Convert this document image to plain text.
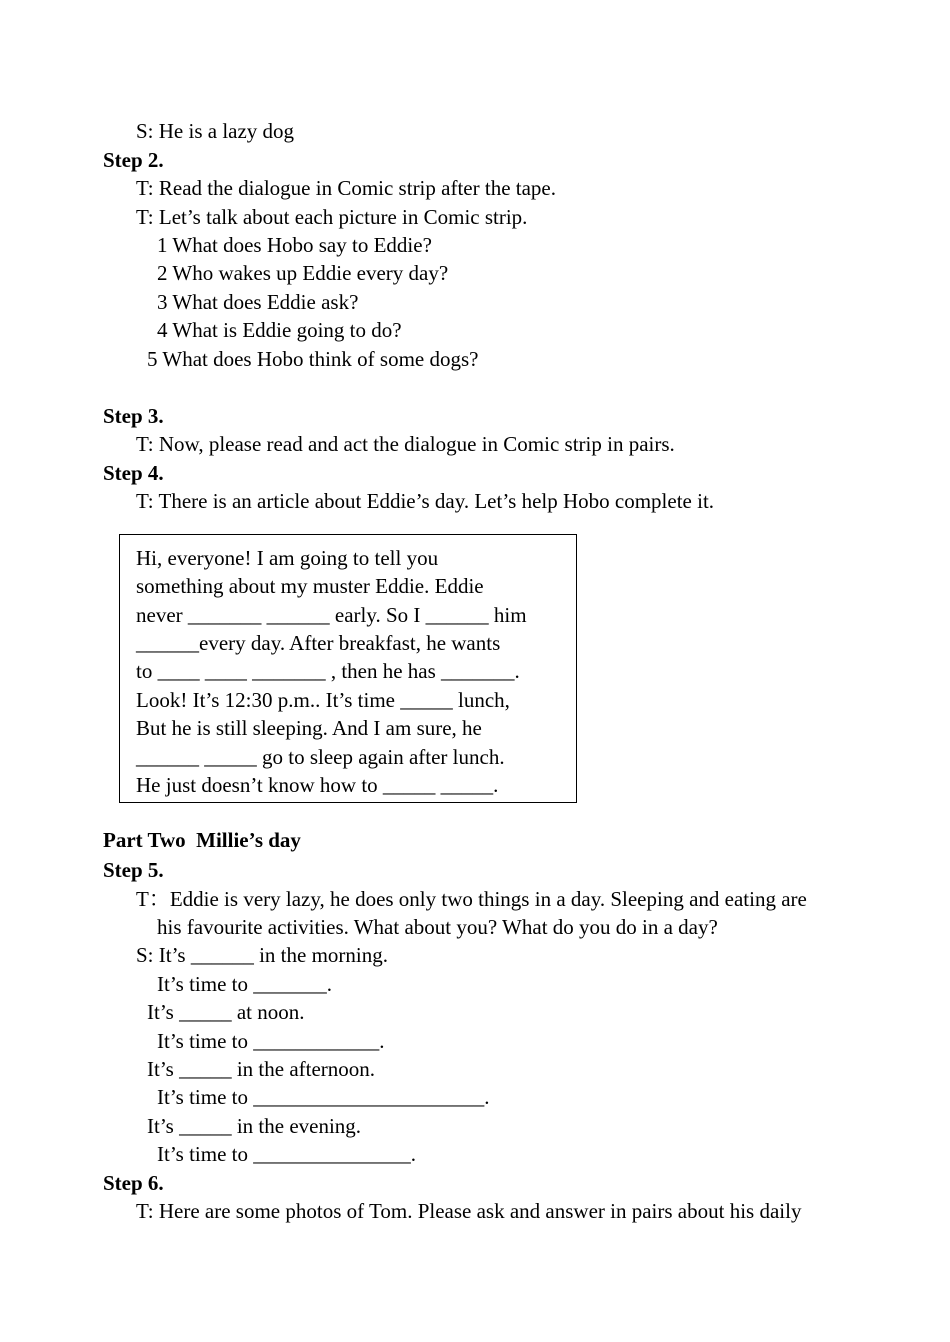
S: He is a lazy dog
Step 2.
T: Read the dialogue in Comic strip after the tape.
T: Let’s talk about each picture in Comic strip.
1 What does Hobo say to Eddie?
2 Who wakes up Eddie every day?
3 What does Eddie ask?
4 What is Eddie going to do?
5 What does Hobo think of some dogs?
Step 3.
T: Now, please read and act the dialogue in Comic strip in pairs.
Step 4.
T: There is an article about Eddie’s day. Let’s help Hobo complete it.
Hi, everyone! I am going to tell you
something about my muster Eddie. Eddie
never _______ ______ early. So I ______ him
______every day. After breakfast, he wants
to ____ ____ _______ , then he has _______.
Look! It’s 12:30 p.m.. It’s time _____ lunch,
But he is still sleeping. And I am sure, he
______ _____ go to sleep again after lunch.
He just doesn’t know how to _____ _____.
Part Two  Millie’s day
Step 5.
T：Eddie is very lazy, he does only two things in a day. Sleeping and eating are
his favourite activities. What about you? What do you do in a day?
S: It’s ______ in the morning.
It’s time to _______.
It’s _____ at noon.
It’s time to ____________.
It’s _____ in the afternoon.
It’s time to ______________________.
It’s _____ in the evening.
It’s time to _______________.
Step 6.
T: Here are some photos of Tom. Please ask and answer in pairs about his daily
